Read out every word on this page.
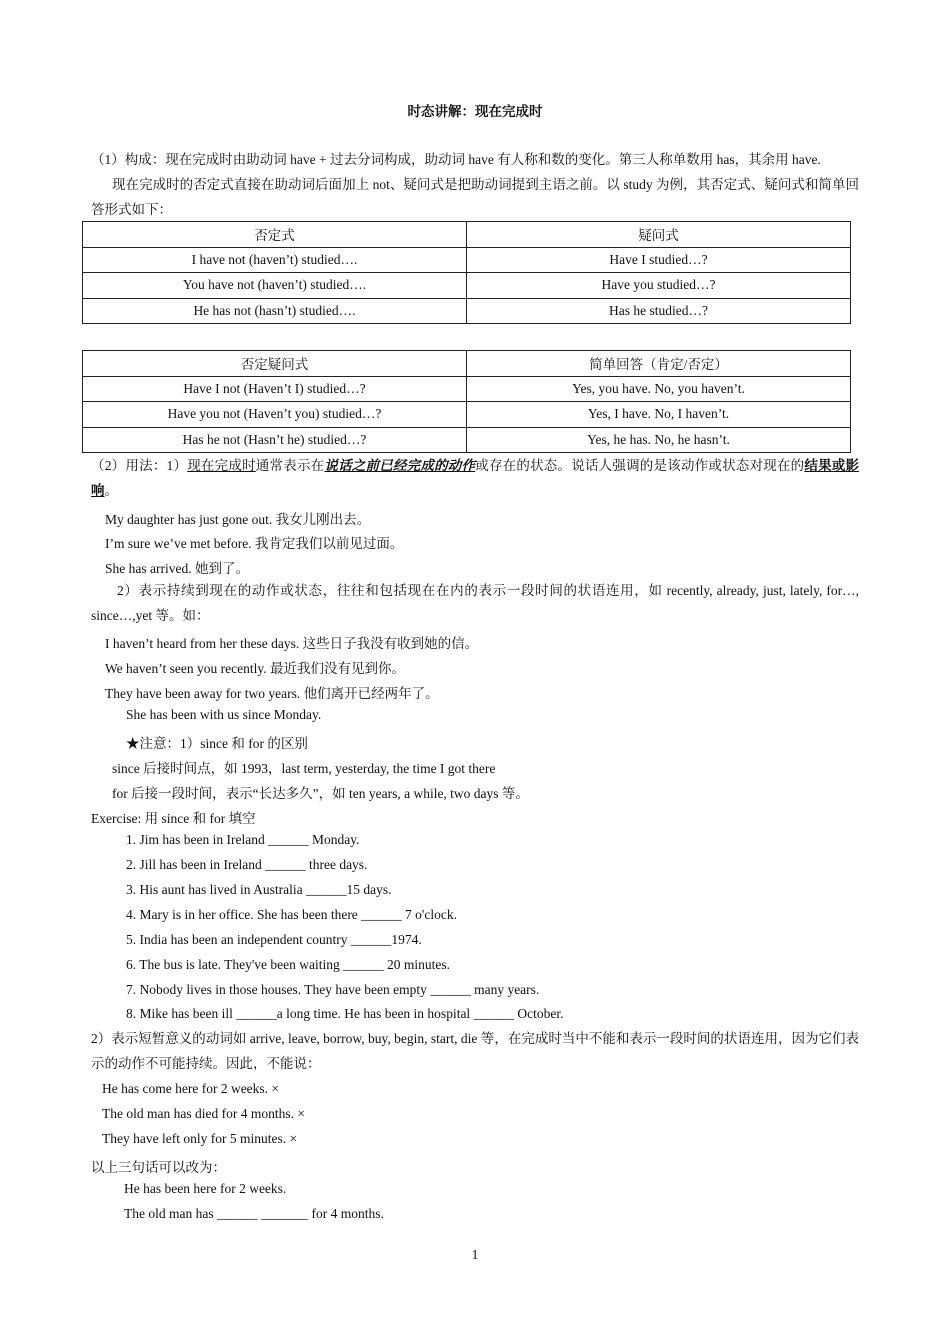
时态讲解：现在完成时
（1）构成：现在完成时由助动词 have + 过去分词构成，助动词 have 有人称和数的变化。第三人称单数用 has，其余用 have.
现在完成时的否定式直接在助动词后面加上 not、疑问式是把助动词提到主语之前。以 study 为例，其否定式、疑问式和简单回答形式如下：
否定式	疑问式
I have not (haven’t) studied….	Have I studied…?
You have not (haven’t) studied….	Have you studied…?
He has not (hasn’t) studied….	Has he studied…?
否定疑问式	简单回答（肯定/否定）
Have I not (Haven’t I) studied…?	Yes, you have. No, you haven’t.
Have you not (Haven’t you) studied…?	Yes, I have. No, I haven’t.
Has he not (Hasn’t he) studied…?	Yes, he has. No, he hasn’t.
（2）用法：1）现在完成时通常表示在说话之前已经完成的动作或存在的状态。说话人强调的是该动作或状态对现在的结果或影响。
My daughter has just gone out. 我女儿刚出去。
I’m sure we’ve met before. 我肯定我们以前见过面。
She has arrived. 她到了。
2）表示持续到现在的动作或状态，往往和包括现在在内的表示一段时间的状语连用，如 recently, already, just, lately, for…, since…,yet 等。如：
I haven’t heard from her these days. 这些日子我没有收到她的信。
We haven’t seen you recently. 最近我们没有见到你。
They have been away for two years. 他们离开已经两年了。
She has been with us since Monday.
★注意：1）since 和 for 的区别
since 后接时间点，如 1993，last term, yesterday, the time I got there
for 后接一段时间，表示“长达多久”，如 ten years, a while, two days 等。
Exercise: 用 since 和 for 填空
1. Jim has been in Ireland ______ Monday.
2. Jill has been in Ireland ______ three days.
3. His aunt has lived in Australia ______15 days.
4. Mary is in her office. She has been there ______ 7 o'clock.
5. India has been an independent country ______1974.
6. The bus is late. They've been waiting ______ 20 minutes.
7. Nobody lives in those houses. They have been empty ______ many years.
8. Mike has been ill ______a long time. He has been in hospital ______ October.
2）表示短暂意义的动词如 arrive, leave, borrow, buy, begin, start, die 等，在完成时当中不能和表示一段时间的状语连用，因为它们表示的动作不可能持续。因此，不能说：
He has come here for 2 weeks. ×
The old man has died for 4 months. ×
They have left only for 5 minutes. ×
以上三句话可以改为：
He has been here for 2 weeks.
The old man has ______ _______ for 4 months.
1
